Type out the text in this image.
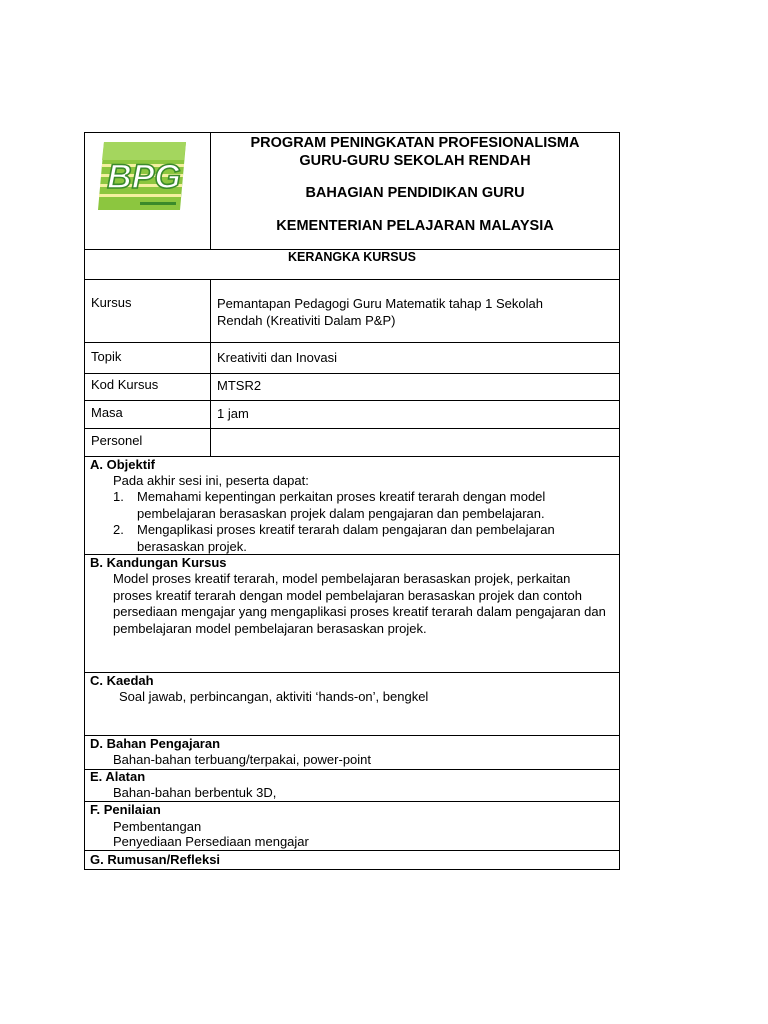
BPG
PROGRAM PENINGKATAN PROFESIONALISMA
GURU-GURU SEKOLAH RENDAH
BAHAGIAN PENDIDIKAN GURU
KEMENTERIAN PELAJARAN MALAYSIA
KERANGKA KURSUS
Kursus	Pemantapan Pedagogi Guru Matematik tahap 1 Sekolah
Rendah (Kreativiti Dalam P&P)
Topik	Kreativiti dan Inovasi
Kod Kursus	MTSR2
Masa	1 jam
Personel
A. Objektif
Pada akhir sesi ini, peserta dapat:
1. Memahami kepentingan perkaitan proses kreatif terarah dengan model pembelajaran berasaskan projek dalam pengajaran dan pembelajaran.
2. Mengaplikasi proses kreatif terarah dalam pengajaran dan pembelajaran berasaskan projek.
B. Kandungan Kursus
Model proses kreatif terarah, model pembelajaran berasaskan projek, perkaitan proses kreatif terarah dengan model pembelajaran berasaskan projek dan contoh persediaan mengajar yang mengaplikasi proses kreatif terarah dalam pengajaran dan pembelajaran model pembelajaran berasaskan projek.
C. Kaedah
Soal jawab, perbincangan, aktiviti ‘hands-on’, bengkel
D. Bahan Pengajaran
Bahan-bahan terbuang/terpakai, power-point
E. Alatan
Bahan-bahan berbentuk 3D,
F. Penilaian
Pembentangan
Penyediaan Persediaan mengajar
G. Rumusan/Refleksi
